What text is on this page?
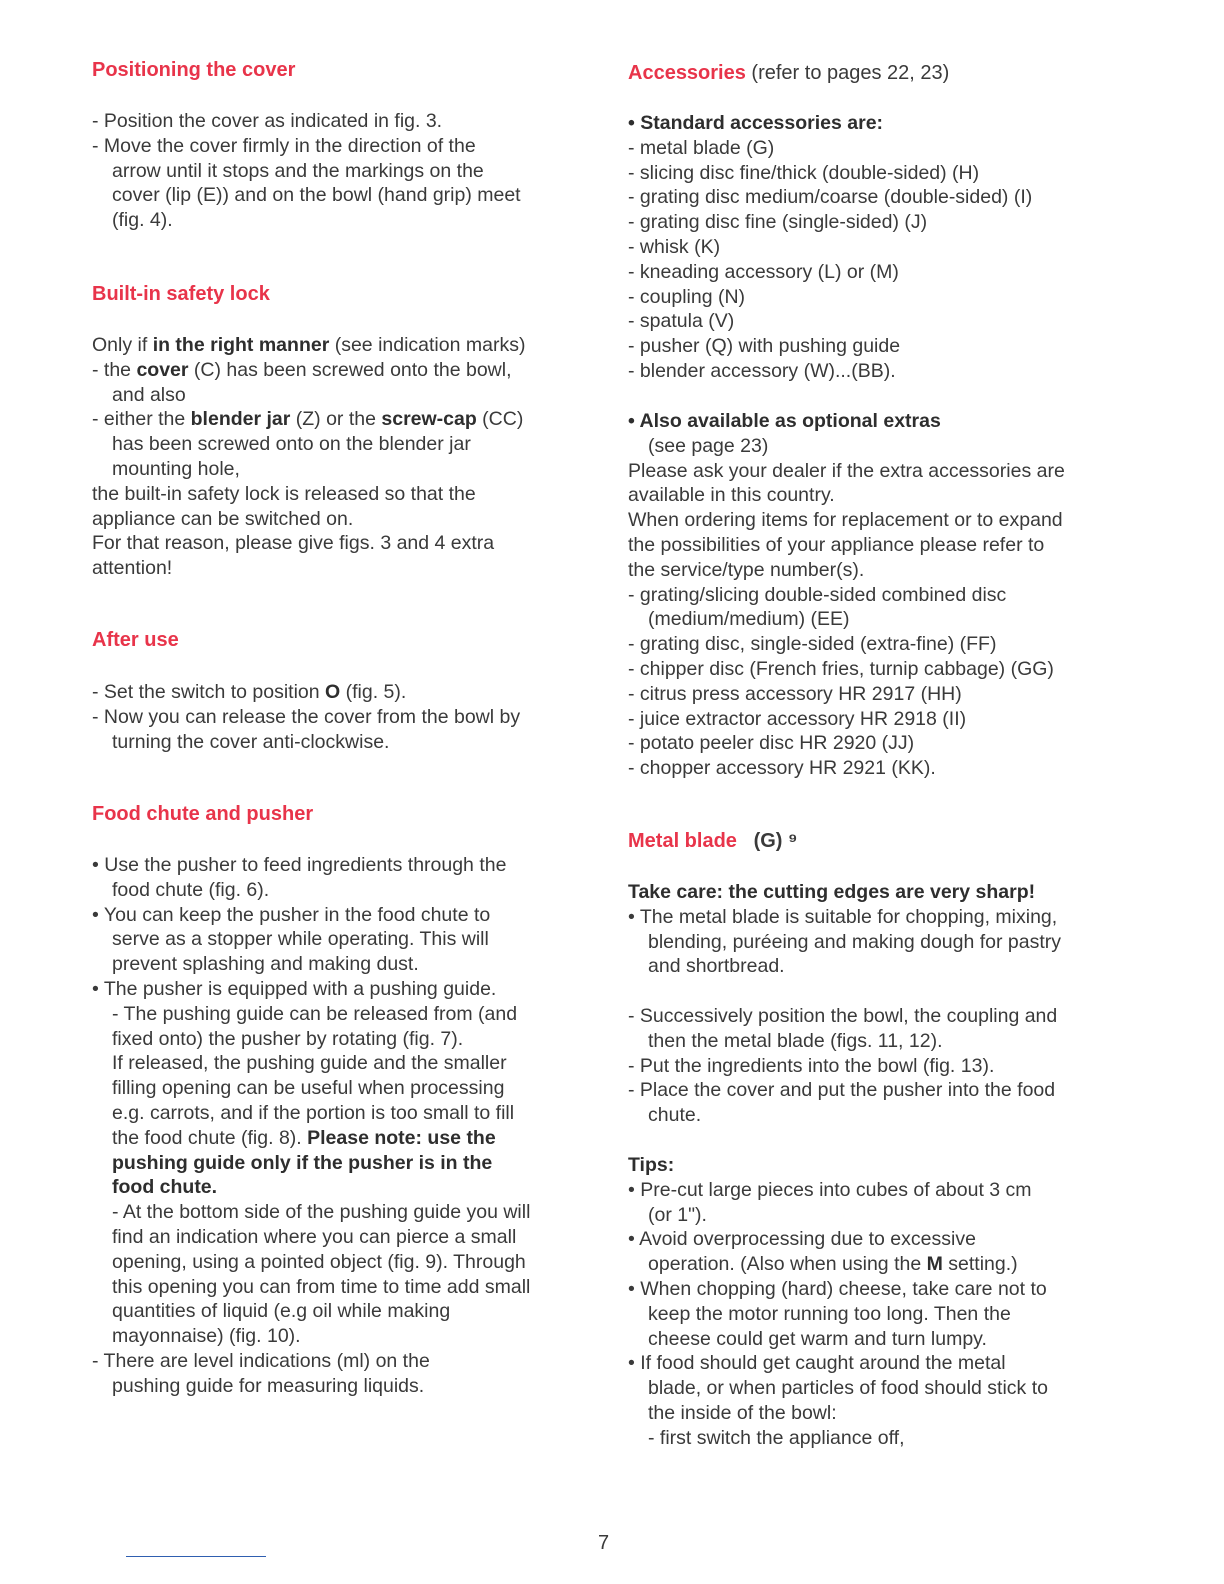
Positioning the cover
- Position the cover as indicated in fig. 3.
- Move the cover firmly in the direction of the
arrow until it stops and the markings on the
cover (lip (E)) and on the bowl (hand grip) meet
(fig. 4).
Built-in safety lock
Only if in the right manner (see indication marks)
- the cover (C) has been screwed onto the bowl,
and also
- either the blender jar (Z) or the screw-cap (CC)
has been screwed onto on the blender jar
mounting hole,
the built-in safety lock is released so that the
appliance can be switched on.
For that reason, please give figs. 3 and 4 extra
attention!
After use
- Set the switch to position O (fig. 5).
- Now you can release the cover from the bowl by
turning the cover anti-clockwise.
Food chute and pusher
• Use the pusher to feed ingredients through the
food chute (fig. 6).
• You can keep the pusher in the food chute to
serve as a stopper while operating. This will
prevent splashing and making dust.
• The pusher is equipped with a pushing guide.
- The pushing guide can be released from (and
fixed onto) the pusher by rotating (fig. 7).
If released, the pushing guide and the smaller
filling opening can be useful when processing
e.g. carrots, and if the portion is too small to fill
the food chute (fig. 8). Please note: use the
pushing guide only if the pusher is in the
food chute.
- At the bottom side of the pushing guide you will
find an indication where you can pierce a small
opening, using a pointed object (fig. 9). Through
this opening you can from time to time add small
quantities of liquid (e.g oil while making
mayonnaise) (fig. 10).
- There are level indications (ml) on the
pushing guide for measuring liquids.
Accessories (refer to pages 22, 23)
• Standard accessories are:
- metal blade (G)
- slicing disc fine/thick (double-sided) (H)
- grating disc medium/coarse (double-sided) (I)
- grating disc fine (single-sided) (J)
- whisk (K)
- kneading accessory (L) or (M)
- coupling (N)
- spatula (V)
- pusher (Q) with pushing guide
- blender accessory (W)...(BB).
• Also available as optional extras
(see page 23)
Please ask your dealer if the extra accessories are
available in this country.
When ordering items for replacement or to expand
the possibilities of your appliance please refer to
the service/type number(s).
- grating/slicing double-sided combined disc
(medium/medium) (EE)
- grating disc, single-sided (extra-fine) (FF)
- chipper disc (French fries, turnip cabbage) (GG)
- citrus press accessory HR 2917 (HH)
- juice extractor accessory HR 2918 (II)
- potato peeler disc HR 2920 (JJ)
- chopper accessory HR 2921 (KK).
Metal blade (G) ⁹
Take care: the cutting edges are very sharp!
• The metal blade is suitable for chopping, mixing,
blending, puréeing and making dough for pastry
and shortbread.
- Successively position the bowl, the coupling and
then the metal blade (figs. 11, 12).
- Put the ingredients into the bowl (fig. 13).
- Place the cover and put the pusher into the food
chute.
Tips:
• Pre-cut large pieces into cubes of about 3 cm
(or 1").
• Avoid overprocessing due to excessive
operation. (Also when using the M setting.)
• When chopping (hard) cheese, take care not to
keep the motor running too long. Then the
cheese could get warm and turn lumpy.
• If food should get caught around the metal
blade, or when particles of food should stick to
the inside of the bowl:
- first switch the appliance off,
7
